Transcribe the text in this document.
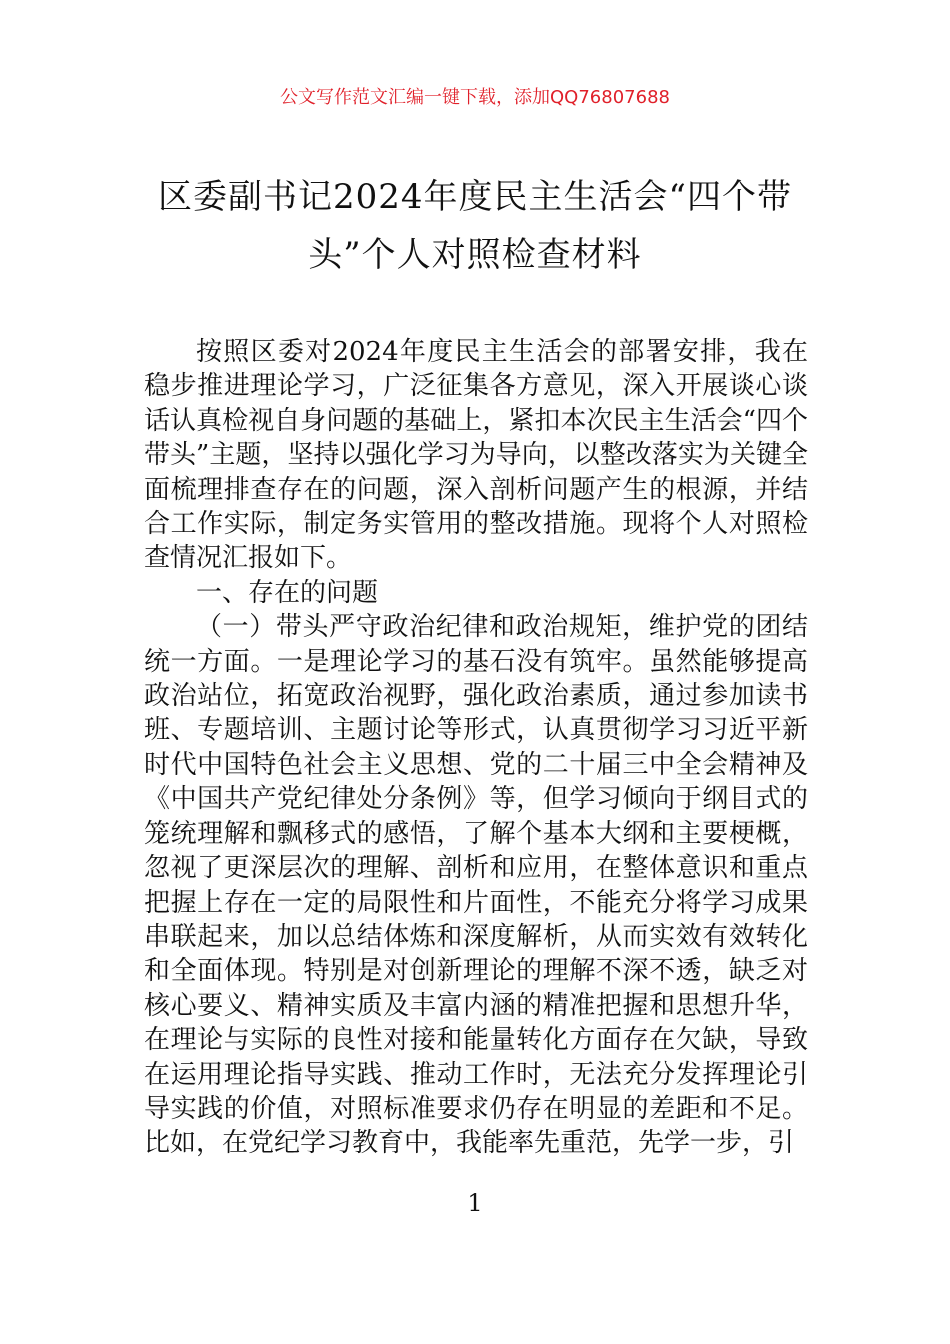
公文写作范文汇编一键下载，添加QQ76807688
区委副书记2024年度民主生活会“四个带头”个人对照检查材料

按照区委对2024年度民主生活会的部署安排，我在稳步推进理论学习，广泛征集各方意见，深入开展谈心谈话认真检视自身问题的基础上，紧扣本次民主生活会“四个带头”主题，坚持以强化学习为导向，以整改落实为关键全面梳理排查存在的问题，深入剖析问题产生的根源，并结合工作实际，制定务实管用的整改措施。现将个人对照检查情况汇报如下。

一、存在的问题

（一）带头严守政治纪律和政治规矩，维护党的团结统一方面。一是理论学习的基石没有筑牢。虽然能够提高政治站位，拓宽政治视野，强化政治素质，通过参加读书班、专题培训、主题讨论等形式，认真贯彻学习习近平新时代中国特色社会主义思想、党的二十届三中全会精神及《中国共产党纪律处分条例》等，但学习倾向于纲目式的笼统理解和飘移式的感悟，了解个基本大纲和主要梗概，忽视了更深层次的理解、剖析和应用，在整体意识和重点把握上存在一定的局限性和片面性，不能充分将学习成果串联起来，加以总结体炼和深度解析，从而实效有效转化和全面体现。特别是对创新理论的理解不深不透，缺乏对核心要义、精神实质及丰富内涵的精准把握和思想升华，在理论与实际的良性对接和能量转化方面存在欠缺，导致在运用理论指导实践、推动工作时，无法充分发挥理论引导实践的价值，对照标准要求仍存在明显的差距和不足。比如，在党纪学习教育中，我能率先重范，先学一步，引

1
